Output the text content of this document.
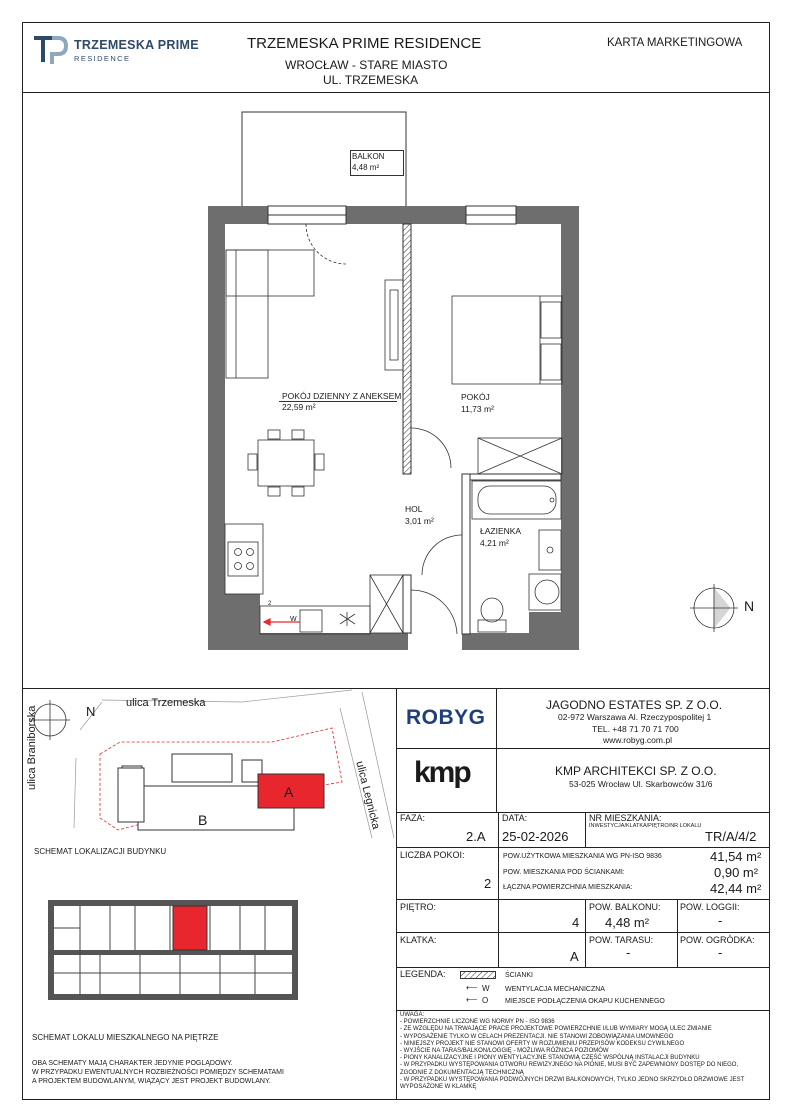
TRZEMESKA PRIME
RESIDENCE
TRZEMESKA PRIME RESIDENCE
WROCŁAW - STARE MIASTO
UL. TRZEMESKA
KARTA MARKETINGOWA
BALKON
4,48 m²
POKÓJ DZIENNY Z ANEKSEM
22,59 m²
POKÓJ
11,73 m²
HOL
3,01 m²
ŁAZIENKA
4,21 m²
W
2	N
ulica Trzemeska
ulica Braniborska
ulica Legnicka
N
A
B
SCHEMAT LOKALIZACJI BUDYNKU
SCHEMAT LOKALU MIESZKALNEGO NA PIĘTRZE
OBA SCHEMATY MAJĄ CHARAKTER JEDYNIE POGLĄDOWY.
W PRZYPADKU EWENTUALNYCH ROZBIEŻNOŚCI POMIĘDZY SCHEMATAMI
A PROJEKTEM BUDOWLANYM, WIĄŻĄCY JEST PROJEKT BUDOWLANY.
ROBYG
kmp
JAGODNO ESTATES SP. Z O.O.
02-972 Warszawa Al. Rzeczypospolitej 1
TEL. +48 71 70 71 700
www.robyg.com.pl
KMP ARCHITEKCI SP. Z O.O.
53-025 Wrocław Ul. Skarbowców 31/6
FAZA:
2.A
DATA:
25-02-2026
NR MIESZKANIA:
INWESTYCJA/KLATKA/PIĘTRO/NR LOKALU
TR/A/4/2
LICZBA POKOI:
2
POW.UŻYTKOWA MIESZKANIA WG PN-ISO 9836	41,54 m²
POW. MIESZKANIA POD ŚCIANKAMI:	0,90 m²
ŁĄCZNA POWIERZCHNIA MIESZKANIA:	42,44 m²
PIĘTRO:
4
POW. BALKONU:
4,48 m²
POW. LOGGII:
-
KLATKA:
A
POW. TARASU:
-
POW. OGRÓDKA:
-
LEGENDA:	ŚCIANKI
⟵ W WENTYLACJA MECHANICZNA
⟵ O MIEJSCE PODŁĄCZENIA OKAPU KUCHENNEGO
UWAGA:
- POWIERZCHNIE LICZONE WG NORMY PN - ISO 9836
- ZE WZGLĘDU NA TRWAJĄCE PRACE PROJEKTOWE POWIERZCHNIE I/LUB WYMIARY MOGĄ ULEC ZMIANIE
- WYPOSAŻENIE TYLKO W CELACH PREZENTACJI. NIE STANOWI ZOBOWIĄZANIA UMOWNEGO
- NINIEJSZY PROJEKT NIE STANOWI OFERTY W ROZUMIENIU PRZEPISÓW KODEKSU CYWILNEGO
- WYJŚCIE NA TARAS/BALKON/LOGGIĘ - MOŻLIWA RÓŻNICA POZIOMÓW
- PIONY KANALIZACYJNE I PIONY WENTYLACYJNE STANOWIĄ CZĘŚĆ WSPÓLNĄ INSTALACJI BUDYNKU
- W PRZYPADKU WYSTĘPOWANIA OTWORU REWIZYJNEGO NA PIONIE, MUSI BYĆ ZAPEWNIONY DOSTĘP DO NIEGO,
ZGODNIE Z DOKUMENTACJĄ TECHNICZNĄ
- W PRZYPADKU WYSTĘPOWANIA PODWÓJNYCH DRZWI BALKONOWYCH, TYLKO JEDNO SKRZYDŁO DRZWIOWE JEST
WYPOSAŻONE W KLAMKĘ
